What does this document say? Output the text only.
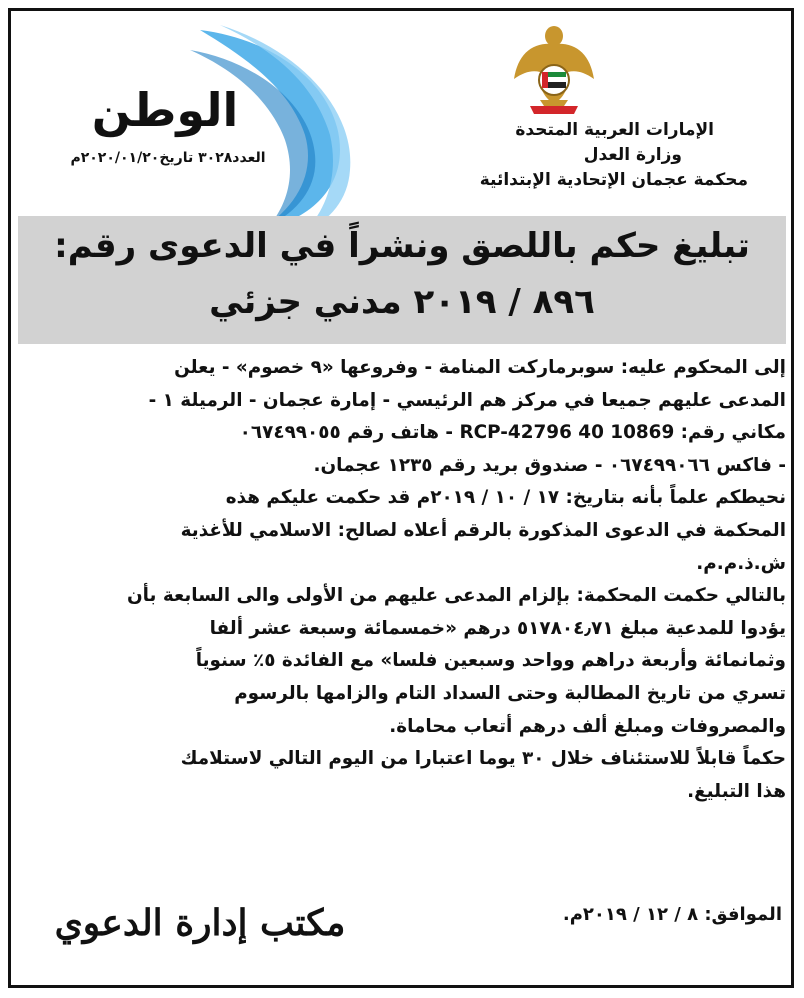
الإمارات العربية المتحدة
وزارة العدل
محكمة عجمان الإتحادية الإبتدائية
الوطن
العدد٣٠٢٨ تاريخ٢٠٢٠/٠١/٢٠م
تبليغ حكم باللصق ونشراً في الدعوى رقم:
٨٩٦ / ٢٠١٩ مدني جزئي
إلى المحكوم عليه: سوبرماركت المنامة - وفروعها «٩ خصوم» - يعلن
المدعى عليهم جميعا في مركز هم الرئيسي - إمارة عجمان - الرميلة ١ -
مكاني رقم: RCP-42796 40 10869 - هاتف رقم ٠٦٧٤٩٩٠٥٥
- فاكس ٠٦٧٤٩٩٠٦٦ - صندوق بريد رقم ١٢٣٥ عجمان.
نحيطكم علماً بأنه بتاريخ: ١٧ / ١٠ / ٢٠١٩م قد حكمت عليكم هذه
المحكمة في الدعوى المذكورة بالرقم أعلاه لصالح: الاسلامي للأغذية
ش.ذ.م.م.
بالتالي حكمت المحكمة: بإلزام المدعى عليهم من الأولى والى السابعة بأن
يؤدوا للمدعية مبلغ ٥١٧٨٠٤٫٧١ درهم «خمسمائة وسبعة عشر ألفا
وثمانمائة وأربعة دراهم وواحد وسبعين فلسا» مع الفائدة ٥٪ سنوياً
تسري من تاريخ المطالبة وحتى السداد التام والزامها بالرسوم
والمصروفات ومبلغ ألف درهم أتعاب محاماة.
حكماً قابلاً للاستئناف خلال ٣٠ يوما اعتبارا من اليوم التالي لاستلامك
هذا التبليغ.
مكتب إدارة الدعوي	الموافق: ٨ / ١٢ / ٢٠١٩م.
